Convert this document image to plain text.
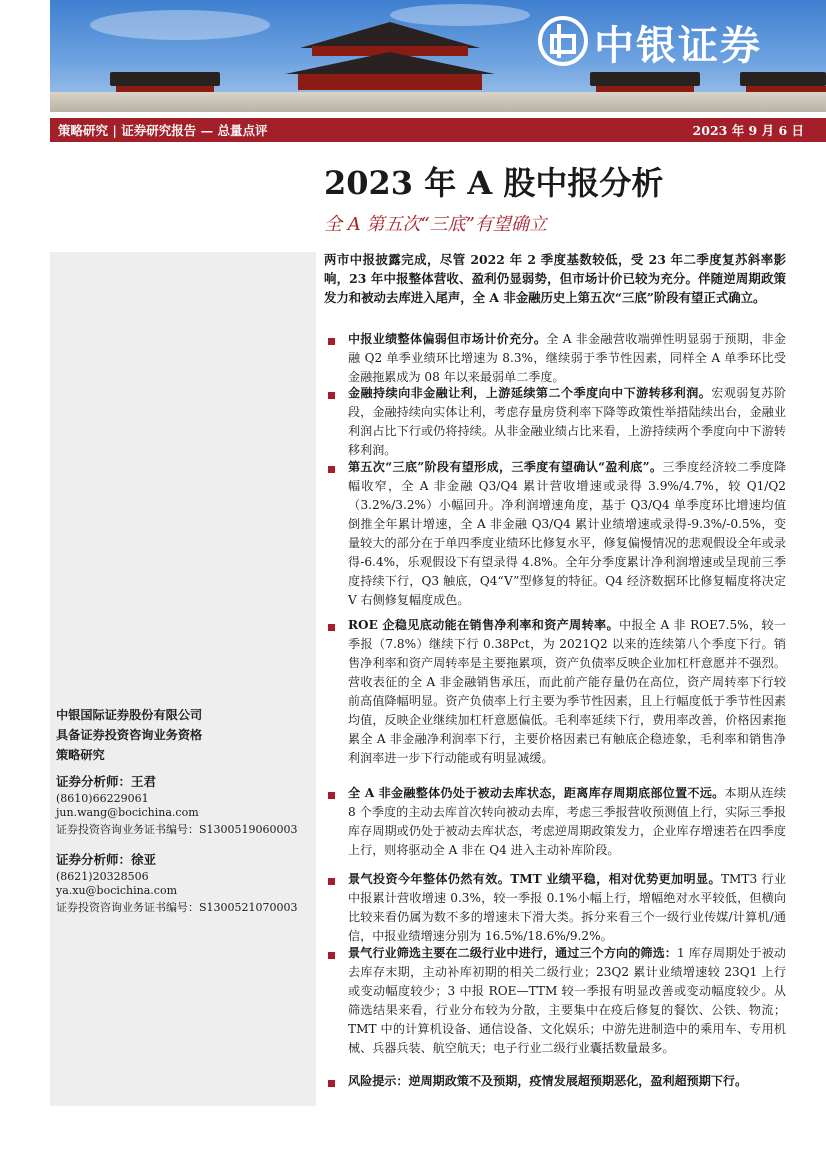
中银证券
策略研究 | 证券研究报告 — 总量点评	2023 年 9 月 6 日
2023 年 A 股中报分析
全 A 第五次“三底”有望确立
中银国际证券股份有限公司
具备证券投资咨询业务资格
策略研究
证券分析师：王君
(8610)66229061
jun.wang@bocichina.com
证券投资咨询业务证书编号：S1300519060003
证券分析师：徐亚
(8621)20328506
ya.xu@bocichina.com
证券投资咨询业务证书编号：S1300521070003
两市中报披露完成，尽管 2022 年 2 季度基数较低，受 23 年二季度复苏斜率影响，23 年中报整体营收、盈利仍显弱势，但市场计价已较为充分。伴随逆周期政策发力和被动去库进入尾声，全 A 非金融历史上第五次“三底”阶段有望正式确立。
中报业绩整体偏弱但市场计价充分。全 A 非金融营收端弹性明显弱于预期，非金融 Q2 单季业绩环比增速为 8.3%，继续弱于季节性因素，同样全 A 单季环比受金融拖累成为 08 年以来最弱单二季度。
金融持续向非金融让利，上游延续第二个季度向中下游转移利润。宏观弱复苏阶段，金融持续向实体让利，考虑存量房贷利率下降等政策性举措陆续出台，金融业利润占比下行或仍将持续。从非金融业绩占比来看，上游持续两个季度向中下游转移利润。
第五次“三底”阶段有望形成，三季度有望确认“盈利底”。三季度经济较二季度降幅收窄，全 A 非金融 Q3/Q4 累计营收增速或录得 3.9%/4.7%，较 Q1/Q2（3.2%/3.2%）小幅回升。净利润增速角度，基于 Q3/Q4 单季度环比增速均值倒推全年累计增速，全 A 非金融 Q3/Q4 累计业绩增速或录得-9.3%/-0.5%，变量较大的部分在于单四季度业绩环比修复水平，修复偏慢情况的悲观假设全年或录得-6.4%，乐观假设下有望录得 4.8%。全年分季度累计净利润增速或呈现前三季度持续下行，Q3 触底，Q4“V”型修复的特征。Q4 经济数据环比修复幅度将决定 V 右侧修复幅度成色。
ROE 企稳见底动能在销售净利率和资产周转率。中报全 A 非 ROE7.5%，较一季报（7.8%）继续下行 0.38Pct，为 2021Q2 以来的连续第八个季度下行。销售净利率和资产周转率是主要拖累项，资产负债率反映企业加杠杆意愿并不强烈。营收表征的全 A 非金融销售承压，而此前产能存量仍在高位，资产周转率下行较前高值降幅明显。资产负债率上行主要为季节性因素，且上行幅度低于季节性因素均值，反映企业继续加杠杆意愿偏低。毛利率延续下行，费用率改善，价格因素拖累全 A 非金融净利润率下行，主要价格因素已有触底企稳迹象，毛利率和销售净利润率进一步下行动能或有明显减缓。
全 A 非金融整体仍处于被动去库状态，距离库存周期底部位置不远。本期从连续 8 个季度的主动去库首次转向被动去库，考虑三季报营收预测值上行，实际三季报库存周期或仍处于被动去库状态，考虑逆周期政策发力，企业库存增速若在四季度上行，则将驱动全 A 非在 Q4 进入主动补库阶段。
景气投资今年整体仍然有效。TMT 业绩平稳，相对优势更加明显。TMT3 行业中报累计营收增速 0.3%，较一季报 0.1%小幅上行，增幅绝对水平较低，但横向比较来看仍属为数不多的增速未下滑大类。拆分来看三个一级行业传媒/计算机/通信，中报业绩增速分别为 16.5%/18.6%/9.2%。
景气行业筛选主要在二级行业中进行，通过三个方向的筛选：1 库存周期处于被动去库存末期，主动补库初期的相关二级行业；23Q2 累计业绩增速较 23Q1 上行或变动幅度较少；3 中报 ROE—TTM 较一季报有明显改善或变动幅度较少。从筛选结果来看，行业分布较为分散，主要集中在疫后修复的餐饮、公铁、物流；TMT 中的计算机设备、通信设备、文化娱乐；中游先进制造中的乘用车、专用机械、兵器兵装、航空航天；电子行业二级行业囊括数量最多。
风险提示：逆周期政策不及预期，疫情发展超预期恶化，盈利超预期下行。
